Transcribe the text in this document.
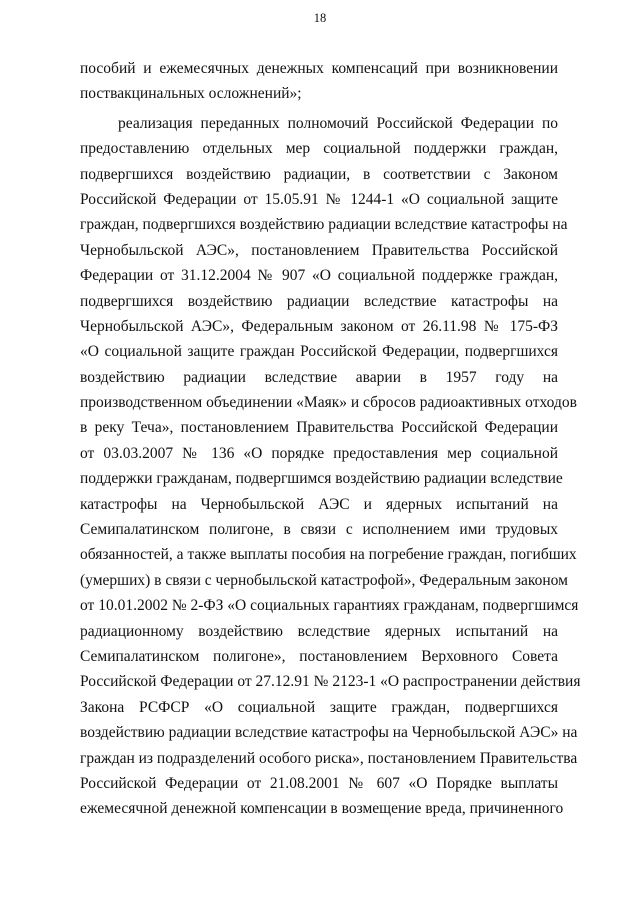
18
пособий и ежемесячных денежных компенсаций при возникновении
поствакцинальных осложнений»;
реализация переданных полномочий Российской Федерации по
предоставлению отдельных мер социальной поддержки граждан,
подвергшихся воздействию радиации, в соответствии с Законом
Российской Федерации от 15.05.91 № 1244-1 «О социальной защите
граждан, подвергшихся воздействию радиации вследствие катастрофы на
Чернобыльской АЭС», постановлением Правительства Российской
Федерации от 31.12.2004 № 907 «О социальной поддержке граждан,
подвергшихся воздействию радиации вследствие катастрофы на
Чернобыльской АЭС», Федеральным законом от 26.11.98 № 175-ФЗ
«О социальной защите граждан Российской Федерации, подвергшихся
воздействию радиации вследствие аварии в 1957 году на
производственном объединении «Маяк» и сбросов радиоактивных отходов
в реку Теча», постановлением Правительства Российской Федерации
от 03.03.2007 № 136 «О порядке предоставления мер социальной
поддержки гражданам, подвергшимся воздействию радиации вследствие
катастрофы на Чернобыльской АЭС и ядерных испытаний на
Семипалатинском полигоне, в связи с исполнением ими трудовых
обязанностей, а также выплаты пособия на погребение граждан, погибших
(умерших) в связи с чернобыльской катастрофой», Федеральным законом
от 10.01.2002 № 2-ФЗ «О социальных гарантиях гражданам, подвергшимся
радиационному воздействию вследствие ядерных испытаний на
Семипалатинском полигоне», постановлением Верховного Совета
Российской Федерации от 27.12.91 № 2123-1 «О распространении действия
Закона РСФСР «О социальной защите граждан, подвергшихся
воздействию радиации вследствие катастрофы на Чернобыльской АЭС» на
граждан из подразделений особого риска», постановлением Правительства
Российской Федерации от 21.08.2001 № 607 «О Порядке выплаты
ежемесячной денежной компенсации в возмещение вреда, причиненного
